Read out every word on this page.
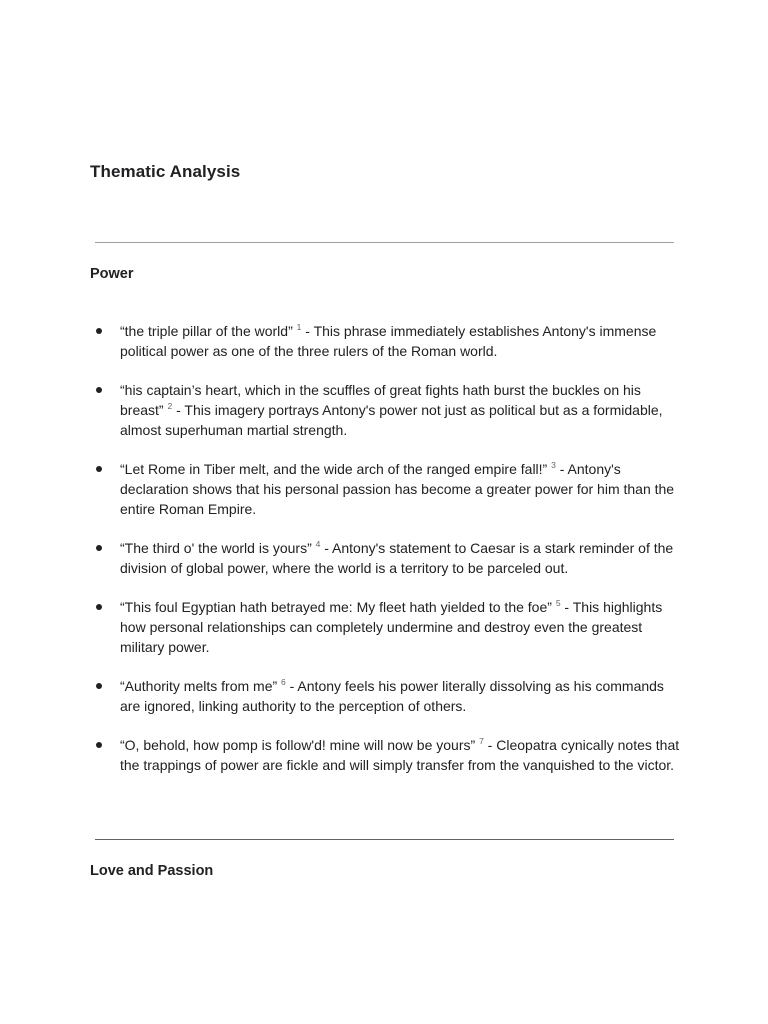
Thematic Analysis
Power
“the triple pillar of the world” $^1$ - This phrase immediately establishes Antony's immense political power as one of the three rulers of the Roman world.
“his captain’s heart, which in the scuffles of great fights hath burst the buckles on his breast” $^2$ - This imagery portrays Antony's power not just as political but as a formidable, almost superhuman martial strength.
“Let Rome in Tiber melt, and the wide arch of the ranged empire fall!” $^3$ - Antony's declaration shows that his personal passion has become a greater power for him than the entire Roman Empire.
“The third o' the world is yours” $^4$ - Antony's statement to Caesar is a stark reminder of the division of global power, where the world is a territory to be parceled out.
“This foul Egyptian hath betrayed me: My fleet hath yielded to the foe” $^5$ - This highlights how personal relationships can completely undermine and destroy even the greatest military power.
“Authority melts from me” $^6$ - Antony feels his power literally dissolving as his commands are ignored, linking authority to the perception of others.
“O, behold, how pomp is follow'd! mine will now be yours” $^7$ - Cleopatra cynically notes that the trappings of power are fickle and will simply transfer from the vanquished to the victor.
Love and Passion
